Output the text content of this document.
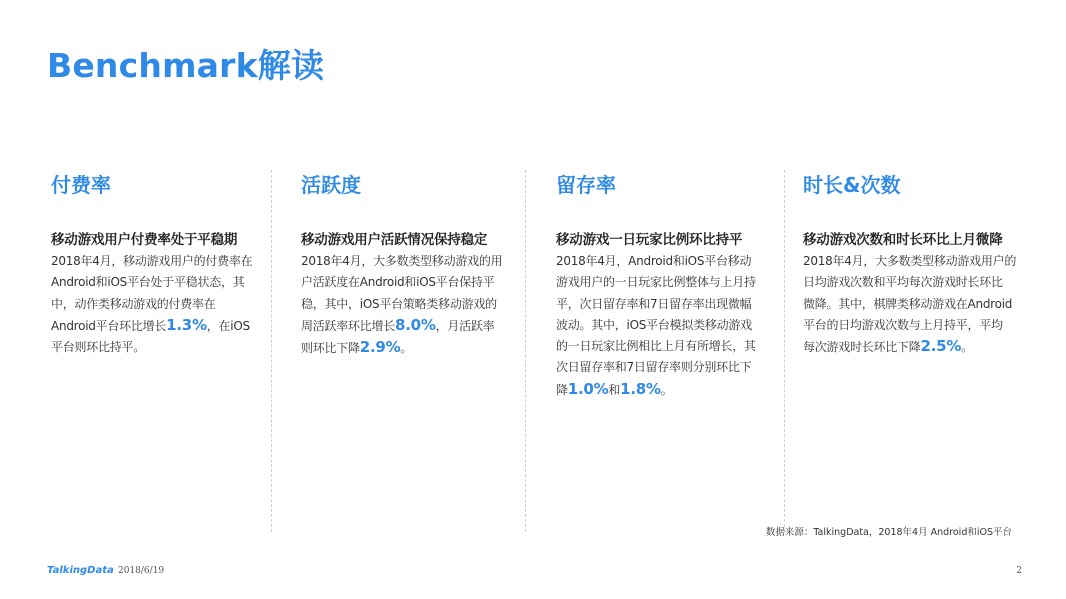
Benchmark解读
付费率
移动游戏用户付费率处于平稳期
2018年4月，移动游戏用户的付费率在
Android和iOS平台处于平稳状态，其
中，动作类移动游戏的付费率在
Android平台环比增长1.3%，在iOS
平台则环比持平。
活跃度
移动游戏用户活跃情况保持稳定
2018年4月，大多数类型移动游戏的用
户活跃度在Android和iOS平台保持平
稳，其中，iOS平台策略类移动游戏的
周活跃率环比增长8.0%，月活跃率
则环比下降2.9%。
留存率
移动游戏一日玩家比例环比持平
2018年4月，Android和iOS平台移动
游戏用户的一日玩家比例整体与上月持
平，次日留存率和7日留存率出现微幅
波动。其中，iOS平台模拟类移动游戏
的一日玩家比例相比上月有所增长，其
次日留存率和7日留存率则分别环比下
降1.0%和1.8%。
时长&次数
移动游戏次数和时长环比上月微降
2018年4月，大多数类型移动游戏用户的
日均游戏次数和平均每次游戏时长环比
微降。其中，棋牌类移动游戏在Android
平台的日均游戏次数与上月持平，平均
每次游戏时长环比下降2.5%。
数据来源：TalkingData，2018年4月 Android和iOS平台
TalkingData 2018/6/19	2
